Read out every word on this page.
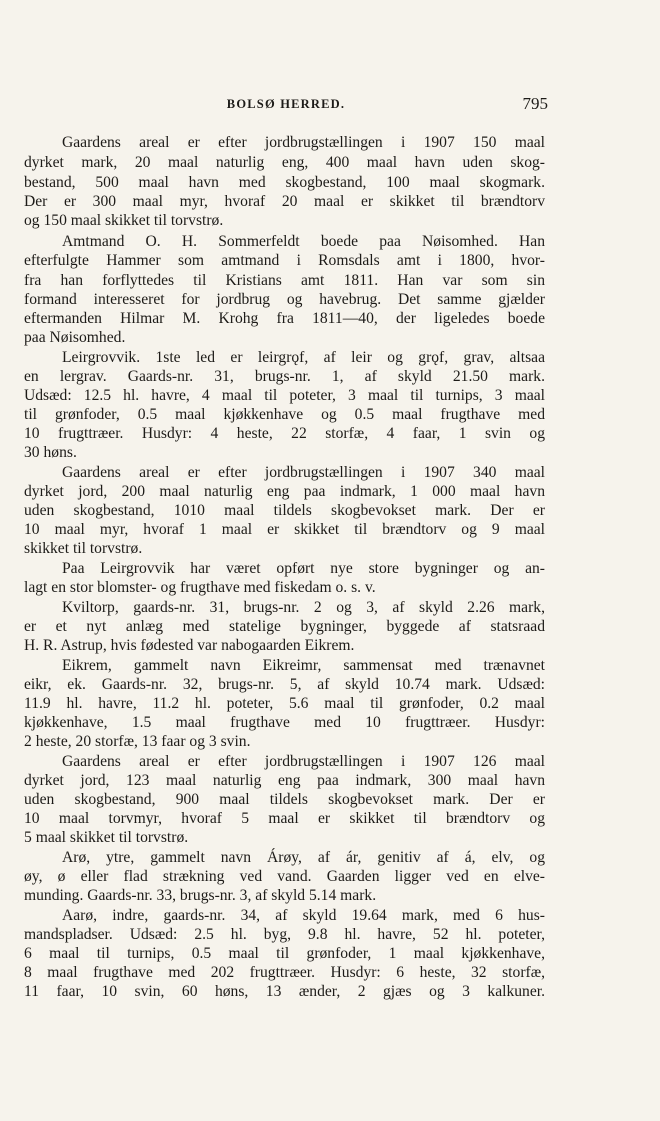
BOLSØ HERRED.	795
Gaardens areal er efter jordbrugstællingen i 1907 150 maal
dyrket mark, 20 maal naturlig eng, 400 maal havn uden skog-
bestand, 500 maal havn med skogbestand, 100 maal skogmark.
Der er 300 maal myr, hvoraf 20 maal er skikket til brændtorv
og 150 maal skikket til torvstrø.
Amtmand O. H. Sommerfeldt boede paa Nøisomhed. Han
efterfulgte Hammer som amtmand i Romsdals amt i 1800, hvor-
fra han forflyttedes til Kristians amt 1811. Han var som sin
formand interesseret for jordbrug og havebrug. Det samme gjælder
eftermanden Hilmar M. Krohg fra 1811—40, der ligeledes boede
paa Nøisomhed.
Leirgrovvik. 1ste led er leirgrǫf, af leir og grǫf, grav, altsaa
en lergrav. Gaards-nr. 31, brugs-nr. 1, af skyld 21.50 mark.
Udsæd: 12.5 hl. havre, 4 maal til poteter, 3 maal til turnips, 3 maal
til grønfoder, 0.5 maal kjøkkenhave og 0.5 maal frugthave med
10 frugttræer. Husdyr: 4 heste, 22 storfæ, 4 faar, 1 svin og
30 høns.
Gaardens areal er efter jordbrugstællingen i 1907 340 maal
dyrket jord, 200 maal naturlig eng paa indmark, 1 000 maal havn
uden skogbestand, 1010 maal tildels skogbevokset mark. Der er
10 maal myr, hvoraf 1 maal er skikket til brændtorv og 9 maal
skikket til torvstrø.
Paa Leirgrovvik har været opført nye store bygninger og an-
lagt en stor blomster- og frugthave med fiskedam o. s. v.
Kviltorp, gaards-nr. 31, brugs-nr. 2 og 3, af skyld 2.26 mark,
er et nyt anlæg med statelige bygninger, byggede af statsraad
H. R. Astrup, hvis fødested var nabogaarden Eikrem.
Eikrem, gammelt navn Eikreimr, sammensat med trænavnet
eikr, ek. Gaards-nr. 32, brugs-nr. 5, af skyld 10.74 mark. Udsæd:
11.9 hl. havre, 11.2 hl. poteter, 5.6 maal til grønfoder, 0.2 maal
kjøkkenhave, 1.5 maal frugthave med 10 frugttræer. Husdyr:
2 heste, 20 storfæ, 13 faar og 3 svin.
Gaardens areal er efter jordbrugstællingen i 1907 126 maal
dyrket jord, 123 maal naturlig eng paa indmark, 300 maal havn
uden skogbestand, 900 maal tildels skogbevokset mark. Der er
10 maal torvmyr, hvoraf 5 maal er skikket til brændtorv og
5 maal skikket til torvstrø.
Arø, ytre, gammelt navn Árøy, af ár, genitiv af á, elv, og
øy, ø eller flad strækning ved vand. Gaarden ligger ved en elve-
munding. Gaards-nr. 33, brugs-nr. 3, af skyld 5.14 mark.
Aarø, indre, gaards-nr. 34, af skyld 19.64 mark, med 6 hus-
mandspladser. Udsæd: 2.5 hl. byg, 9.8 hl. havre, 52 hl. poteter,
6 maal til turnips, 0.5 maal til grønfoder, 1 maal kjøkkenhave,
8 maal frugthave med 202 frugttræer. Husdyr: 6 heste, 32 storfæ,
11 faar, 10 svin, 60 høns, 13 ænder, 2 gjæs og 3 kalkuner.
